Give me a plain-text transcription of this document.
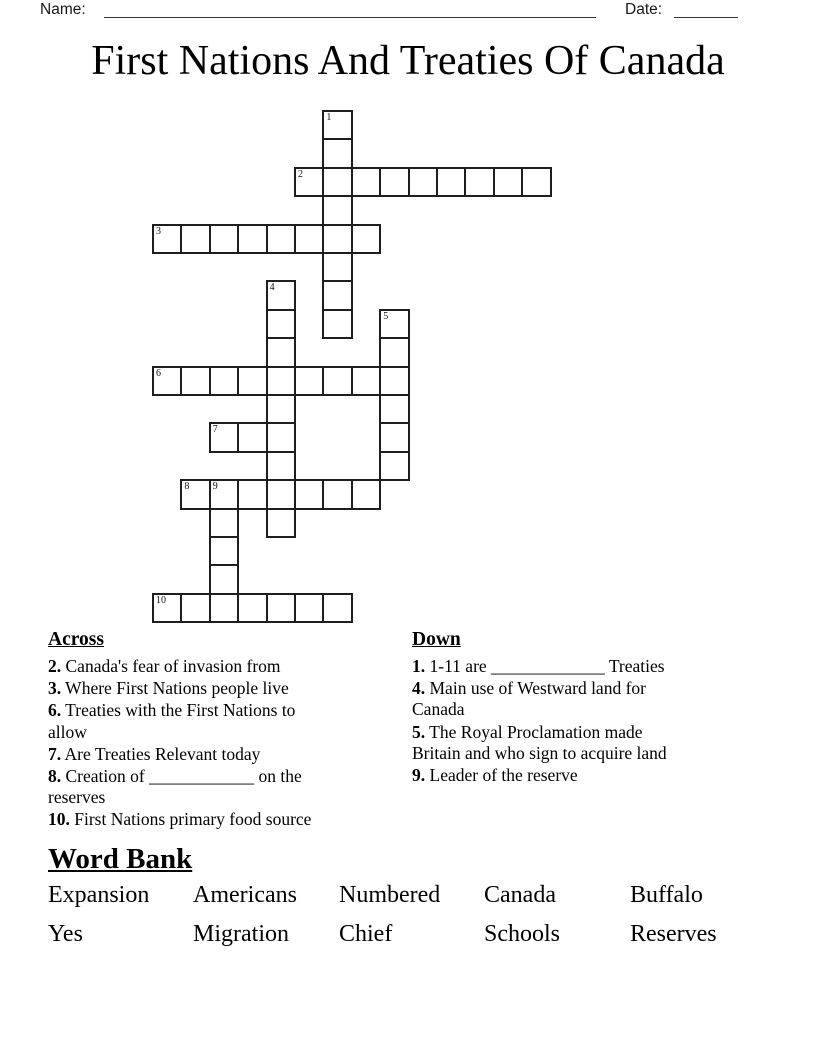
Name:	Date:
First Nations And Treaties Of Canada
1
2
3
4
5
6
7
8 9
10
Across
2. Canada's fear of invasion from
3. Where First Nations people live
6. Treaties with the First Nations to allow
7. Are Treaties Relevant today
8. Creation of ____________ on the reserves
10. First Nations primary food source
Down
1. 1-11 are _____________ Treaties
4. Main use of Westward land for Canada
5. The Royal Proclamation made Britain and who sign to acquire land
9. Leader of the reserve
Word Bank
Expansion	Americans	Numbered	Canada	Buffalo
Yes	Migration	Chief	Schools	Reserves
